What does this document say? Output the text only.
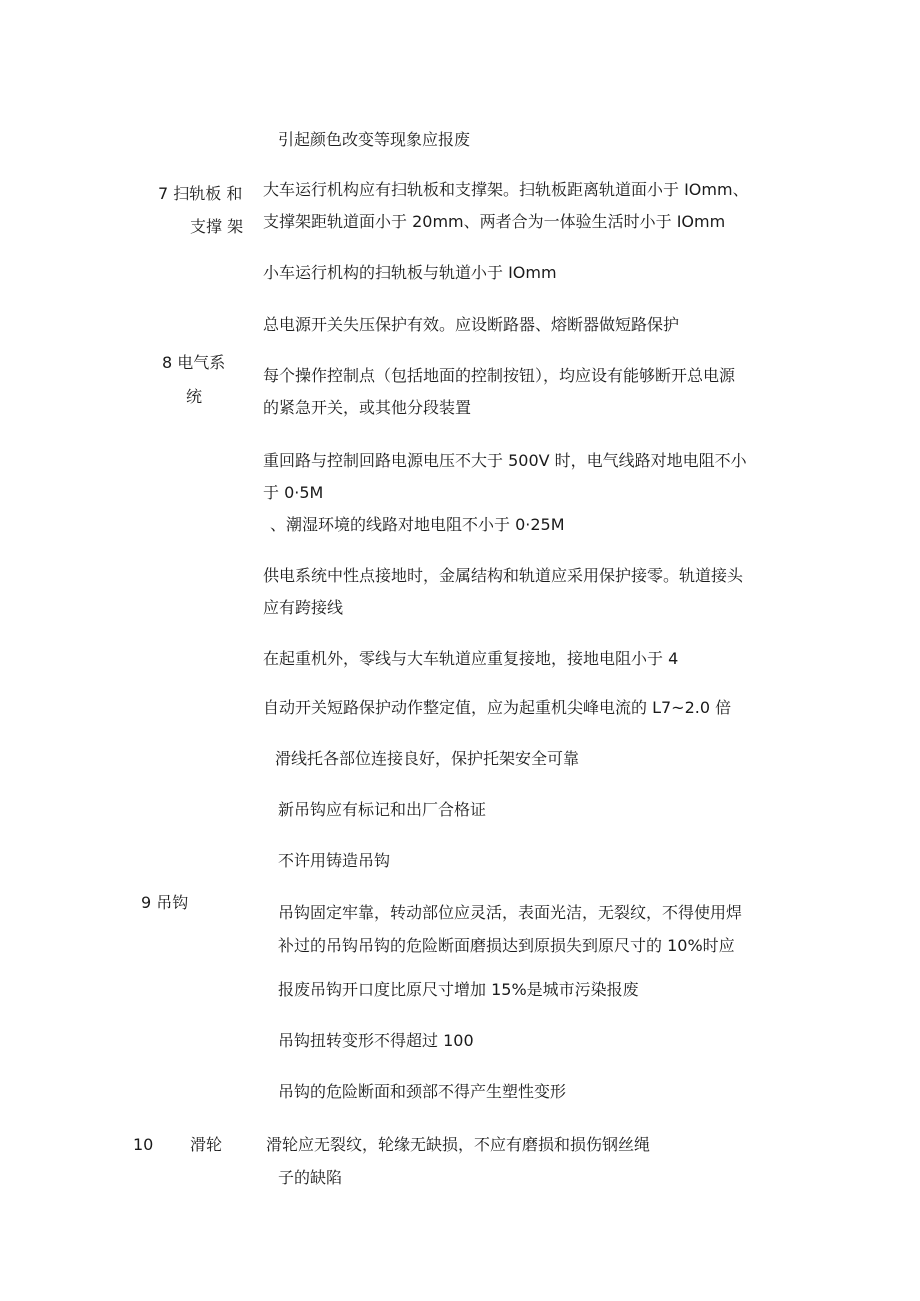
7 扫轨板 和

支撑 架

8 电气系

统

9 吊钩

10 滑轮

引起颜色改变等现象应报废

大车运行机构应有扫轨板和支撑架。扫轨板距离轨道面小于 IOmm、

支撑架距轨道面小于 20mm、两者合为一体验生活时小于 IOmm

小车运行机构的扫轨板与轨道小于 IOmm

总电源开关失压保护有效。应设断路器、熔断器做短路保护

每个操作控制点（包括地面的控制按钮），均应设有能够断开总电源

的紧急开关，或其他分段装置

重回路与控制回路电源电压不大于 500V 时，电气线路对地电阻不小

于 0·5M

、潮湿环境的线路对地电阻不小于 0·25M

供电系统中性点接地时，金属结构和轨道应采用保护接零。轨道接头

应有跨接线

在起重机外，零线与大车轨道应重复接地，接地电阻小于 4

自动开关短路保护动作整定值，应为起重机尖峰电流的 L7~2.0 倍

滑线托各部位连接良好，保护托架安全可靠

新吊钩应有标记和出厂合格证

不许用铸造吊钩

吊钩固定牢靠，转动部位应灵活，表面光洁，无裂纹，不得使用焊

补过的吊钩吊钩的危险断面磨损达到原损失到原尺寸的 10%时应

报废吊钩开口度比原尺寸增加 15%是城市污染报废

吊钩扭转变形不得超过 100

吊钩的危险断面和颈部不得产生塑性变形

滑轮应无裂纹，轮缘无缺损，不应有磨损和损伤钢丝绳

子的缺陷
